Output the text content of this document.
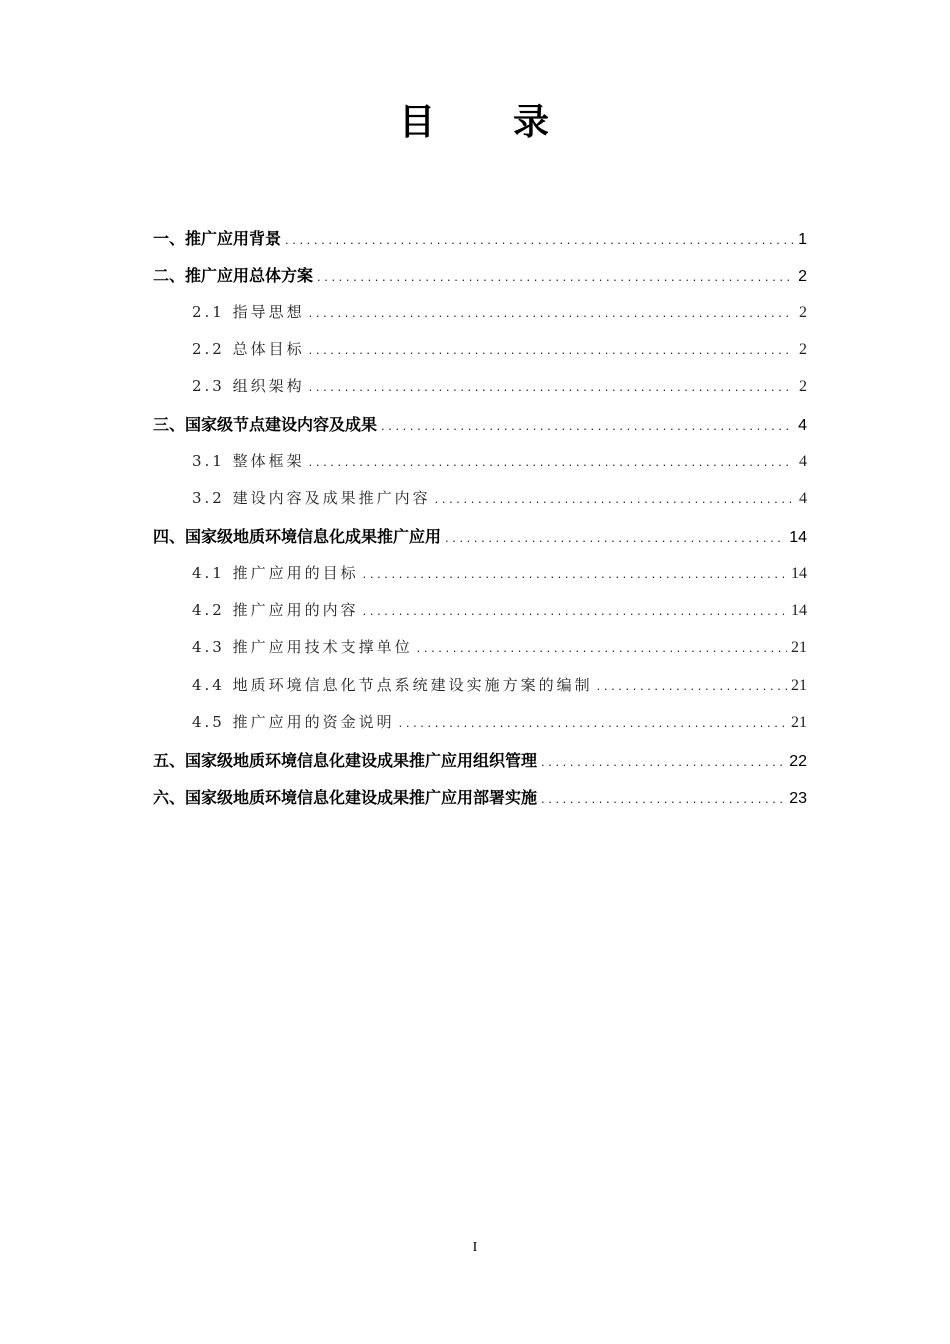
目　　录
一、推广应用背景 . . .	1
二、推广应用总体方案 . . .	2
2.1 指导思想 . . .	2
2.2 总体目标 . . .	2
2.3 组织架构 . . .	2
三、国家级节点建设内容及成果 . . .	4
3.1 整体框架 . . .	4
3.2 建设内容及成果推广内容 . . .	4
四、国家级地质环境信息化成果推广应用 . . .	14
4.1 推广应用的目标 . . .	14
4.2 推广应用的内容 . . .	14
4.3 推广应用技术支撑单位 . . .	21
4.4 地质环境信息化节点系统建设实施方案的编制 . . .	21
4.5 推广应用的资金说明 . . .	21
五、国家级地质环境信息化建设成果推广应用组织管理 . . .	22
六、国家级地质环境信息化建设成果推广应用部署实施 . . .	23
I
